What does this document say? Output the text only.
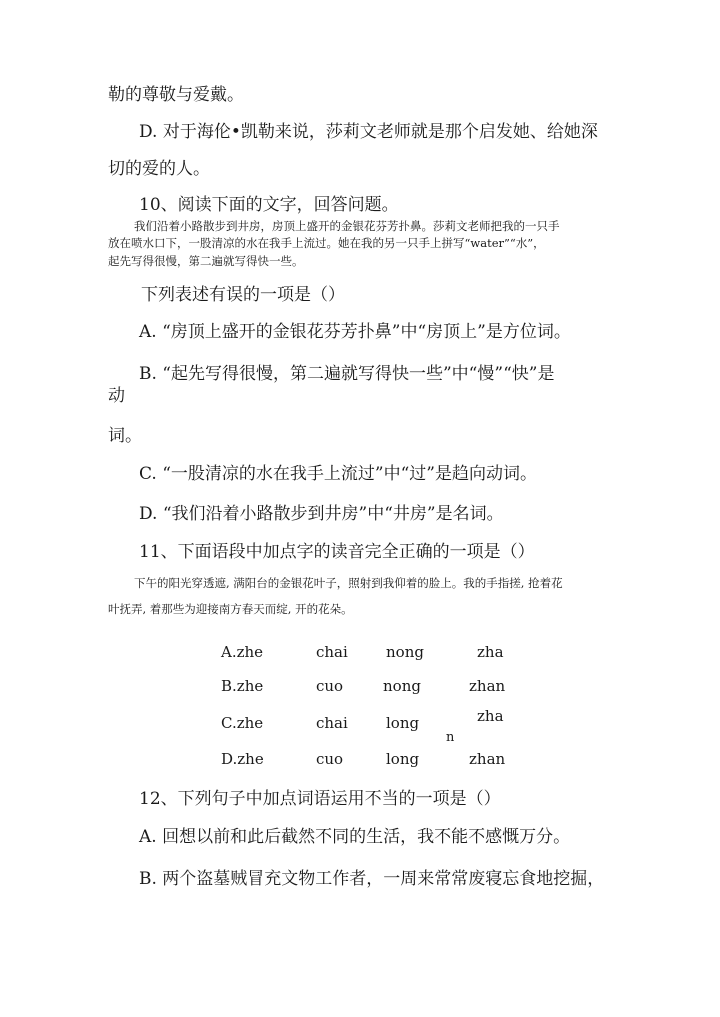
勒的尊敬与爱戴。
D. 对于海伦•凯勒来说，莎莉文老师就是那个启发她、给她深
切的爱的人。
10、阅读下面的文字，回答问题。
我们沿着小路散步到井房，房顶上盛开的金银花芬芳扑鼻。莎莉文老师把我的一只手
放在喷水口下，一股清凉的水在我手上流过。她在我的另一只手上拼写“water”“水”，
起先写得很慢，第二遍就写得快一些。
下列表述有误的一项是（）
A. “房顶上盛开的金银花芬芳扑鼻”中“房顶上”是方位词。
B. “起先写得很慢，第二遍就写得快一些”中“慢”“快”是
动
词。
C. “一股清凉的水在我手上流过”中“过”是趋向动词。
D. “我们沿着小路散步到井房”中“井房”是名词。
11、下面语段中加点字的读音完全正确的一项是（）
下午的阳光穿透遮, 满阳台的金银花叶子，照射到我仰着的脸上。我的手指搓, 抢着花
叶抚弄, 着那些为迎接南方春天而绽, 开的花朵。
A.zhe	chai	nong	zha
B.zhe	cuo	nong	zhan
C.zhe	chai	long	zha
n
D.zhe	cuo	long	zhan
12、下列句子中加点词语运用不当的一项是（）
A. 回想以前和此后截然不同的生活，我不能不感慨万分。
B. 两个盗墓贼冒充文物工作者，一周来常常废寝忘食地挖掘，
